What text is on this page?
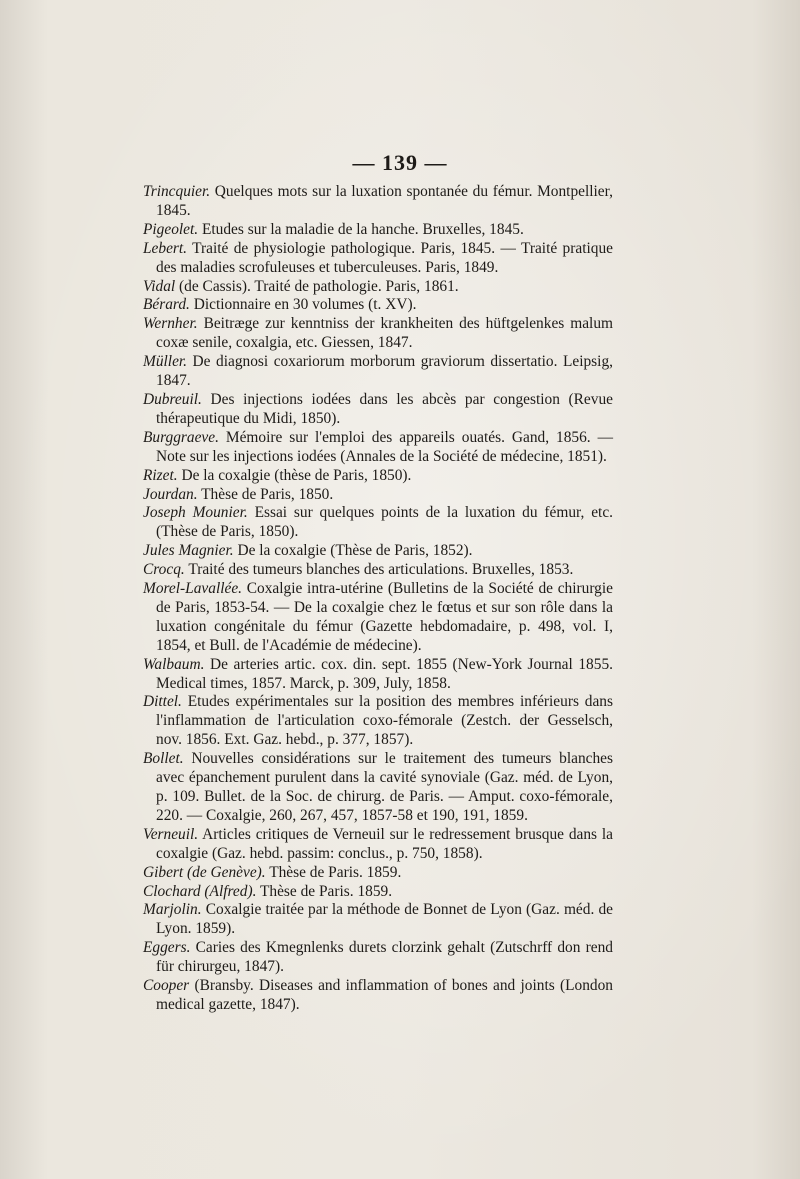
— 139 —

Trincquier. Quelques mots sur la luxation spontanée du fémur. Montpellier, 1845.

Pigeolet. Etudes sur la maladie de la hanche. Bruxelles, 1845.

Lebert. Traité de physiologie pathologique. Paris, 1845. — Traité pratique des maladies scrofuleuses et tuberculeuses. Paris, 1849.

Vidal (de Cassis). Traité de pathologie. Paris, 1861.

Bérard. Dictionnaire en 30 volumes (t. XV).

Wernher. Beitræge zur kenntniss der krankheiten des hüftgelenkes malum coxæ senile, coxalgia, etc. Giessen, 1847.

Müller. De diagnosi coxariorum morborum graviorum dissertatio. Leipsig, 1847.

Dubreuil. Des injections iodées dans les abcès par congestion (Revue thérapeutique du Midi, 1850).

Burggraeve. Mémoire sur l'emploi des appareils ouatés. Gand, 1856. — Note sur les injections iodées (Annales de la Société de médecine, 1851).

Rizet. De la coxalgie (thèse de Paris, 1850).

Jourdan. Thèse de Paris, 1850.

Joseph Mounier. Essai sur quelques points de la luxation du fémur, etc. (Thèse de Paris, 1850).

Jules Magnier. De la coxalgie (Thèse de Paris, 1852).

Crocq. Traité des tumeurs blanches des articulations. Bruxelles, 1853.

Morel-Lavallée. Coxalgie intra-utérine (Bulletins de la Société de chirurgie de Paris, 1853-54. — De la coxalgie chez le fœtus et sur son rôle dans la luxation congénitale du fémur (Gazette hebdomadaire, p. 498, vol. I, 1854, et Bull. de l'Académie de médecine).

Walbaum. De arteries artic. cox. din. sept. 1855 (New-York Journal 1855. Medical times, 1857. Marck, p. 309, July, 1858.

Dittel. Etudes expérimentales sur la position des membres inférieurs dans l'inflammation de l'articulation coxo-fémorale (Zestch. der Gesselsch, nov. 1856. Ext. Gaz. hebd., p. 377, 1857).

Bollet. Nouvelles considérations sur le traitement des tumeurs blanches avec épanchement purulent dans la cavité synoviale (Gaz. méd. de Lyon, p. 109. Bullet. de la Soc. de chirurg. de Paris. — Amput. coxo-fémorale, 220. — Coxalgie, 260, 267, 457, 1857-58 et 190, 191, 1859.

Verneuil. Articles critiques de Verneuil sur le redressement brusque dans la coxalgie (Gaz. hebd. passim: conclus., p. 750, 1858).

Gibert (de Genève). Thèse de Paris. 1859.

Clochard (Alfred). Thèse de Paris. 1859.

Marjolin. Coxalgie traitée par la méthode de Bonnet de Lyon (Gaz. méd. de Lyon. 1859).

Eggers. Caries des Kmegnlenks durets clorzink gehalt (Zutschrff don rend für chirurgeu, 1847).

Cooper (Bransby. Diseases and inflammation of bones and joints (London medical gazette, 1847).
